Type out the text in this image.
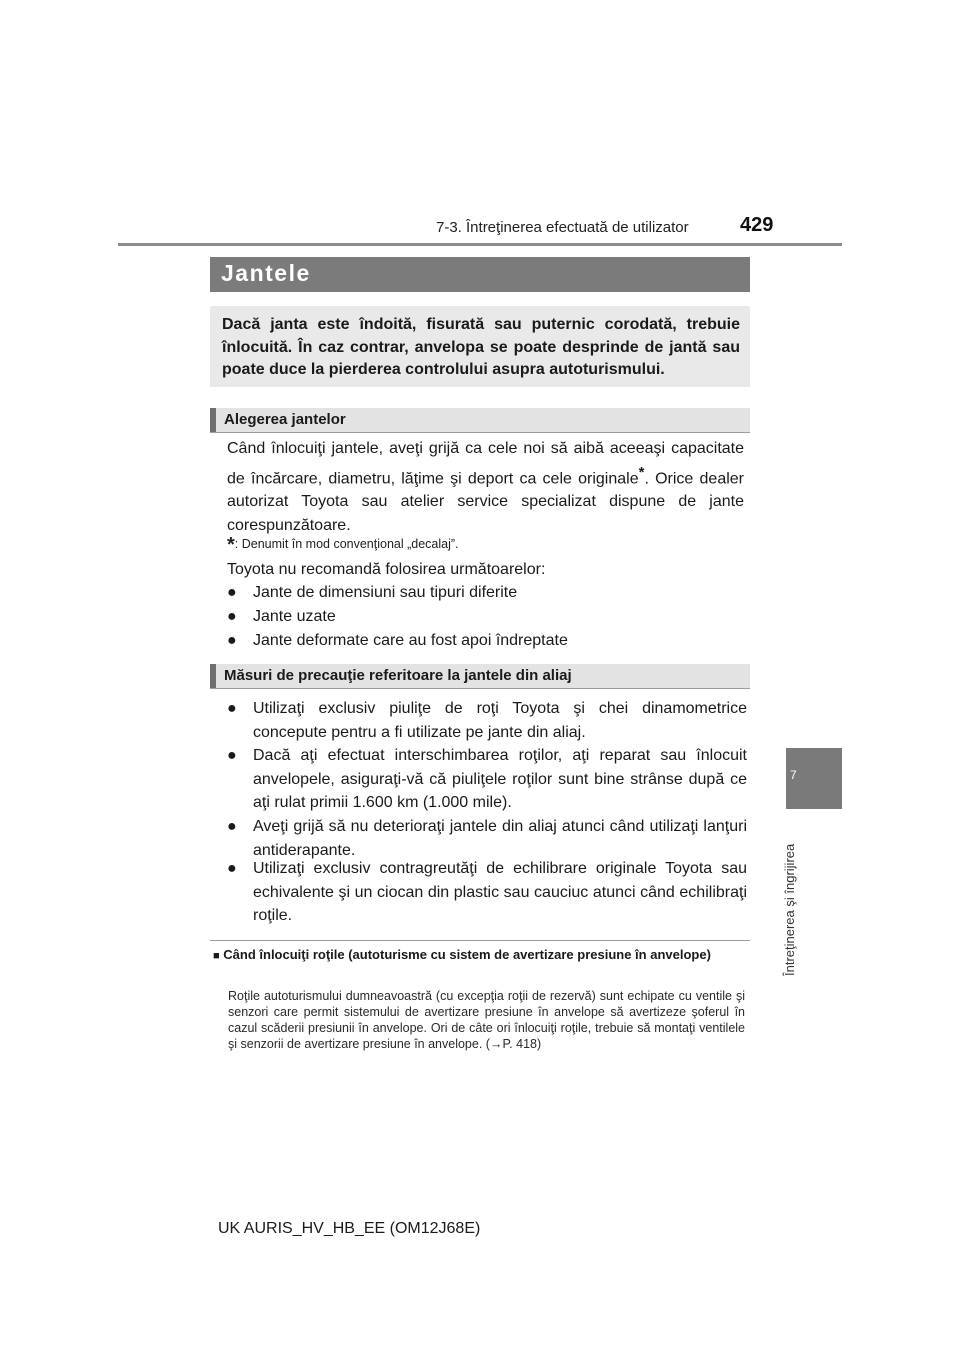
7-3. Întreţinerea efectuată de utilizator	429
7
Întreţinerea şi îngrijirea
Jantele

Dacă janta este îndoită, fisurată sau puternic corodată, trebuie înlocuită. În caz contrar, anvelopa se poate desprinde de jantă sau poate duce la pierderea controlului asupra autoturismului.

Alegerea jantelor

Când înlocuiţi jantele, aveţi grijă ca cele noi să aibă aceeaşi capacitate de încărcare, diametru, lăţime şi deport ca cele originale*. Orice dealer autorizat Toyota sau atelier service specializat dispune de jante corespunzătoare.

*: Denumit în mod convenţional „decalaj”.

Toyota nu recomandă folosirea următoarelor:
● Jante de dimensiuni sau tipuri diferite
● Jante uzate
● Jante deformate care au fost apoi îndreptate
Măsuri de precauţie referitoare la jantele din aliaj
● Utilizaţi exclusiv piuliţe de roţi Toyota şi chei dinamometrice concepute pentru a fi utilizate pe jante din aliaj.
● Dacă aţi efectuat interschimbarea roţilor, aţi reparat sau înlocuit anvelopele, asiguraţi-vă că piuliţele roţilor sunt bine strânse după ce aţi rulat primii 1.600 km (1.000 mile).
● Aveţi grijă să nu deterioraţi jantele din aliaj atunci când utilizaţi lanţuri antiderapante.
● Utilizaţi exclusiv contragreutăţi de echilibrare originale Toyota sau echivalente şi un ciocan din plastic sau cauciuc atunci când echilibraţi roţile.
■ Când înlocuiţi roţile (autoturisme cu sistem de avertizare presiune în anvelope)

Roţile autoturismului dumneavoastră (cu excepţia roţii de rezervă) sunt echipate cu ventile şi senzori care permit sistemului de avertizare presiune în anvelope să avertizeze şoferul în cazul scăderii presiunii în anvelope. Ori de câte ori înlocuiţi roţile, trebuie să montaţi ventilele şi senzorii de avertizare presiune în anvelope. (→P. 418)

UK AURIS_HV_HB_EE (OM12J68E)
